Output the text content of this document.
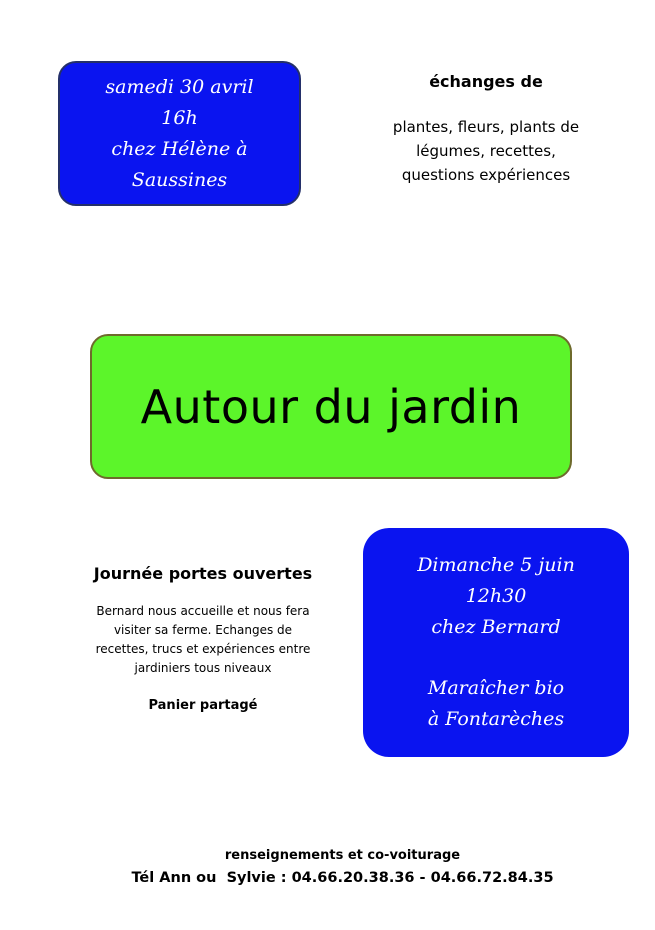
samedi 30 avril
16h
chez Hélène à
Saussines
échanges de
plantes, fleurs, plants de
légumes, recettes,
questions expériences
Autour du jardin
Journée portes ouvertes
Bernard nous accueille et nous fera
visiter sa ferme. Echanges de
recettes, trucs et expériences entre
jardiniers tous niveaux
Panier partagé
Dimanche 5 juin
12h30
chez Bernard
Maraîcher bio
à Fontarèches
renseignements et co-voiturage
Tél Ann ou  Sylvie : 04.66.20.38.36 - 04.66.72.84.35
